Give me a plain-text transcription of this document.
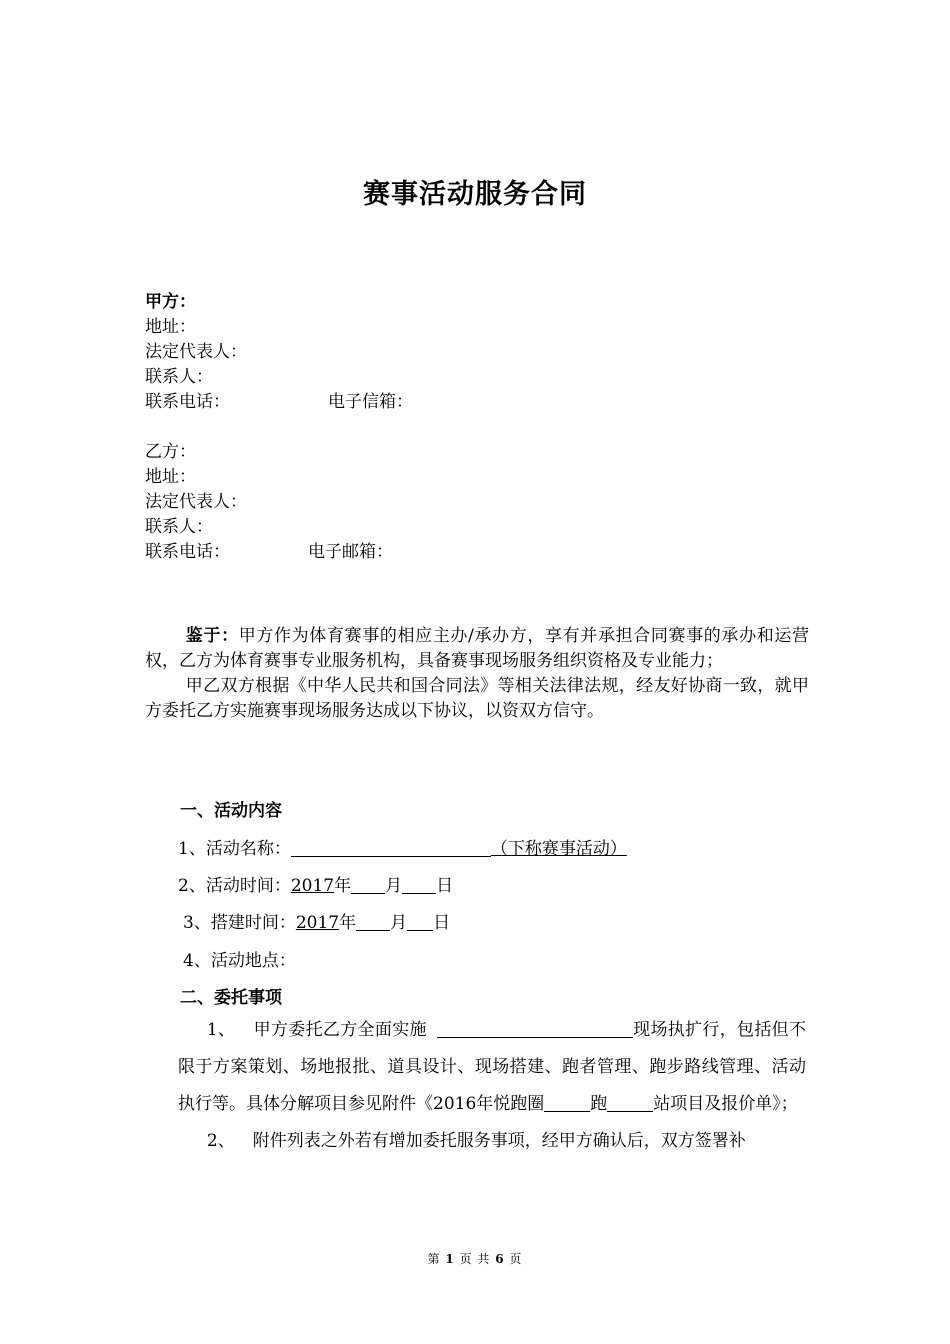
赛事活动服务合同
甲方：
地址：
法定代表人：
联系人：
联系电话：	电子信箱：
乙方：
地址：
法定代表人：
联系人：
联系电话：	电子邮箱：

鉴于：甲方作为体育赛事的相应主办/承办方，享有并承担合同赛事的承办和运营权，乙方为体育赛事专业服务机构，具备赛事现场服务组织资格及专业能力；

甲乙双方根据《中华人民共和国合同法》等相关法律法规，经友好协商一致，就甲方委托乙方实施赛事现场服务达成以下协议，以资双方信守。

一、活动内容
1、活动名称：	（下称赛事活动）
2、活动时间：2017年 月 日
3、搭建时间：2017年 月 日
4、活动地点：
二、委托事项

1、 甲方委托乙方全面实施	现场执扩行，包括但不限于方案策划、场地报批、道具设计、现场搭建、跑者管理、跑步路线管理、活动执行等。具体分解项目参见附件《2016年悦跑圈	跑	站项目及报价单》；

2、 附件列表之外若有增加委托服务事项，经甲方确认后，双方签署补

第 1 页 共 6 页
